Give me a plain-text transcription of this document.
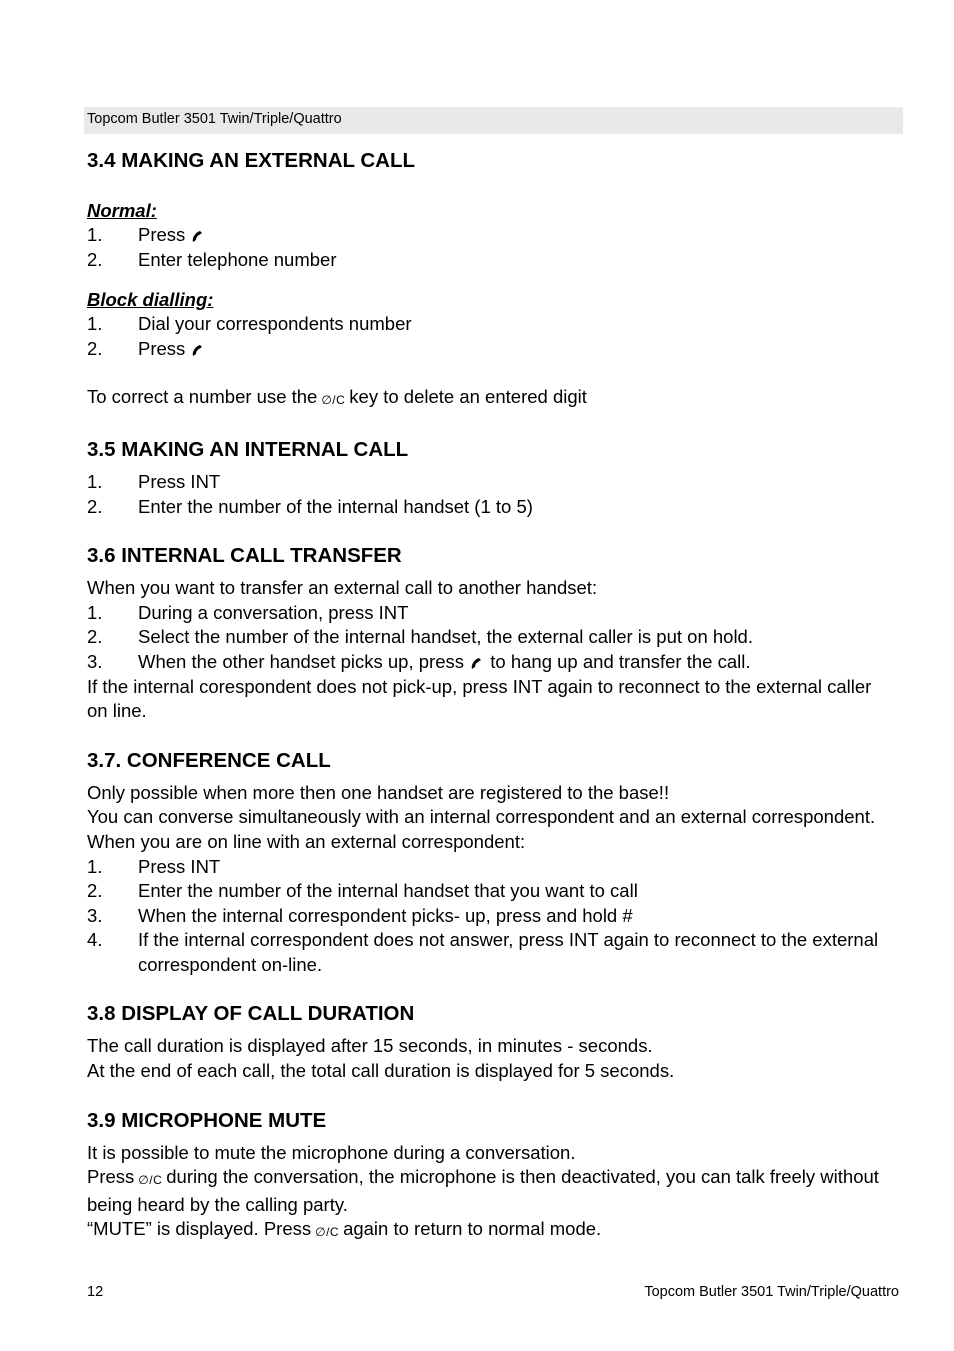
Topcom Butler 3501 Twin/Triple/Quattro
3.4 MAKING AN EXTERNAL CALL
Normal:
1.	Press
2.	Enter telephone number
Block dialling:
1.	Dial your correspondents number
2.	Press
To correct a number use the ∅/C key to delete an entered digit
3.5 MAKING AN INTERNAL CALL
1.	Press INT
2.	Enter the number of the internal handset (1 to 5)
3.6 INTERNAL CALL TRANSFER
When you want to transfer an external call to another handset:
1.	During a conversation, press INT
2.	Select the number of the internal handset, the external caller is put on hold.
3.	When the other handset picks up, press to hang up and transfer the call.
If the internal corespondent does not pick-up, press INT again to reconnect to the external caller on line.
3.7. CONFERENCE CALL
Only possible when more then one handset are registered to the base!!
You can converse simultaneously with an internal correspondent and an external correspondent.
When you are on line with an external correspondent:
1.	Press INT
2.	Enter the number of the internal handset that you want to call
3.	When the internal correspondent picks- up, press and hold #
4.	If the internal correspondent does not answer, press INT again to reconnect to the external correspondent on-line.
3.8 DISPLAY OF CALL DURATION
The call duration is displayed after 15 seconds, in minutes - seconds.
At the end of each call, the total call duration is displayed for 5 seconds.
3.9 MICROPHONE MUTE
It is possible to mute the microphone during a conversation.
Press ∅/C during the conversation, the microphone is then deactivated, you can talk freely without being heard by the calling party.
“MUTE” is displayed. Press ∅/C again to return to normal mode.
12	Topcom Butler 3501 Twin/Triple/Quattro
